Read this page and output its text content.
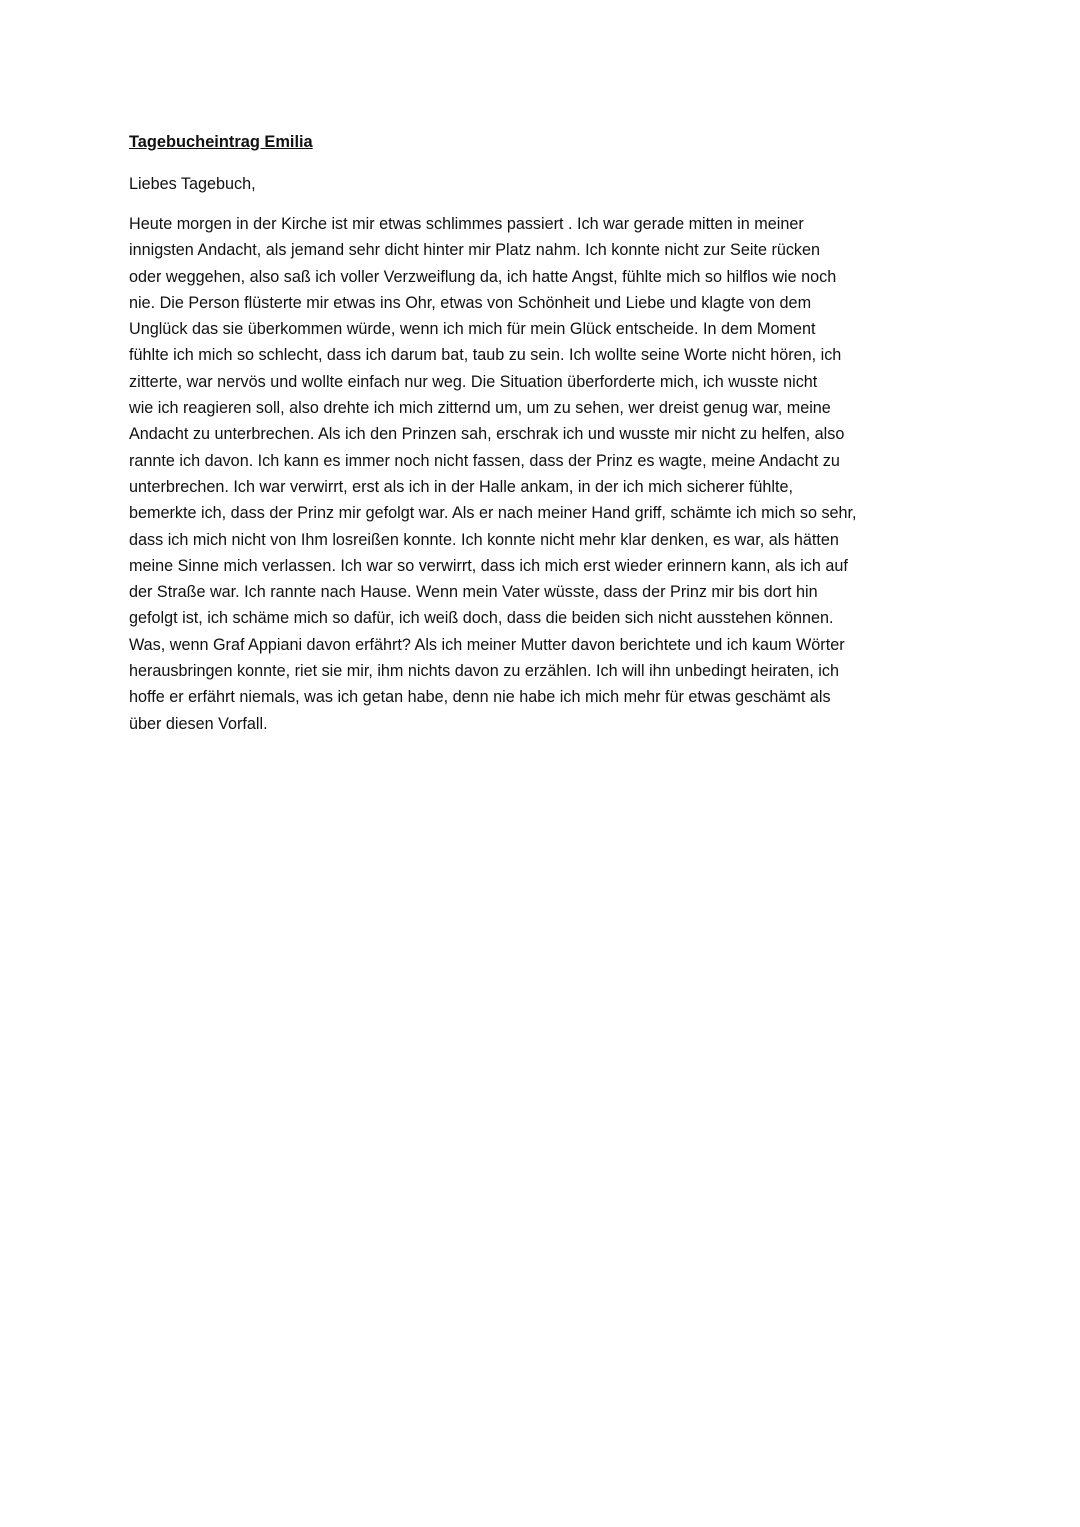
Tagebucheintrag Emilia
Liebes Tagebuch,
Heute morgen in der Kirche ist mir etwas schlimmes passiert . Ich war gerade mitten in meiner
innigsten Andacht, als jemand sehr dicht hinter mir Platz nahm. Ich konnte nicht zur Seite rücken
oder weggehen, also saß ich voller Verzweiflung da, ich hatte Angst, fühlte mich so hilflos wie noch
nie. Die Person flüsterte mir etwas ins Ohr, etwas von Schönheit und Liebe und klagte von dem
Unglück das sie überkommen würde, wenn ich mich für mein Glück entscheide. In dem Moment
fühlte ich mich so schlecht, dass ich darum bat, taub zu sein. Ich wollte seine Worte nicht hören, ich
zitterte, war nervös und wollte einfach nur weg. Die Situation überforderte mich, ich wusste nicht
wie ich reagieren soll, also drehte ich mich zitternd um, um zu sehen, wer dreist genug war, meine
Andacht zu unterbrechen. Als ich den Prinzen sah, erschrak ich und wusste mir nicht zu helfen, also
rannte ich davon. Ich kann es immer noch nicht fassen, dass der Prinz es wagte, meine Andacht zu
unterbrechen. Ich war verwirrt, erst als ich in der Halle ankam, in der ich mich sicherer fühlte,
bemerkte ich, dass der Prinz mir gefolgt war. Als er nach meiner Hand griff, schämte ich mich so sehr,
dass ich mich nicht von Ihm losreißen konnte. Ich konnte nicht mehr klar denken, es war, als hätten
meine Sinne mich verlassen. Ich war so verwirrt, dass ich mich erst wieder erinnern kann, als ich auf
der Straße war. Ich rannte nach Hause. Wenn mein Vater wüsste, dass der Prinz mir bis dort hin
gefolgt ist, ich schäme mich so dafür, ich weiß doch, dass die beiden sich nicht ausstehen können.
Was, wenn Graf Appiani davon erfährt? Als ich meiner Mutter davon berichtete und ich kaum Wörter
herausbringen konnte, riet sie mir, ihm nichts davon zu erzählen. Ich will ihn unbedingt heiraten, ich
hoffe er erfährt niemals, was ich getan habe, denn nie habe ich mich mehr für etwas geschämt als
über diesen Vorfall.
